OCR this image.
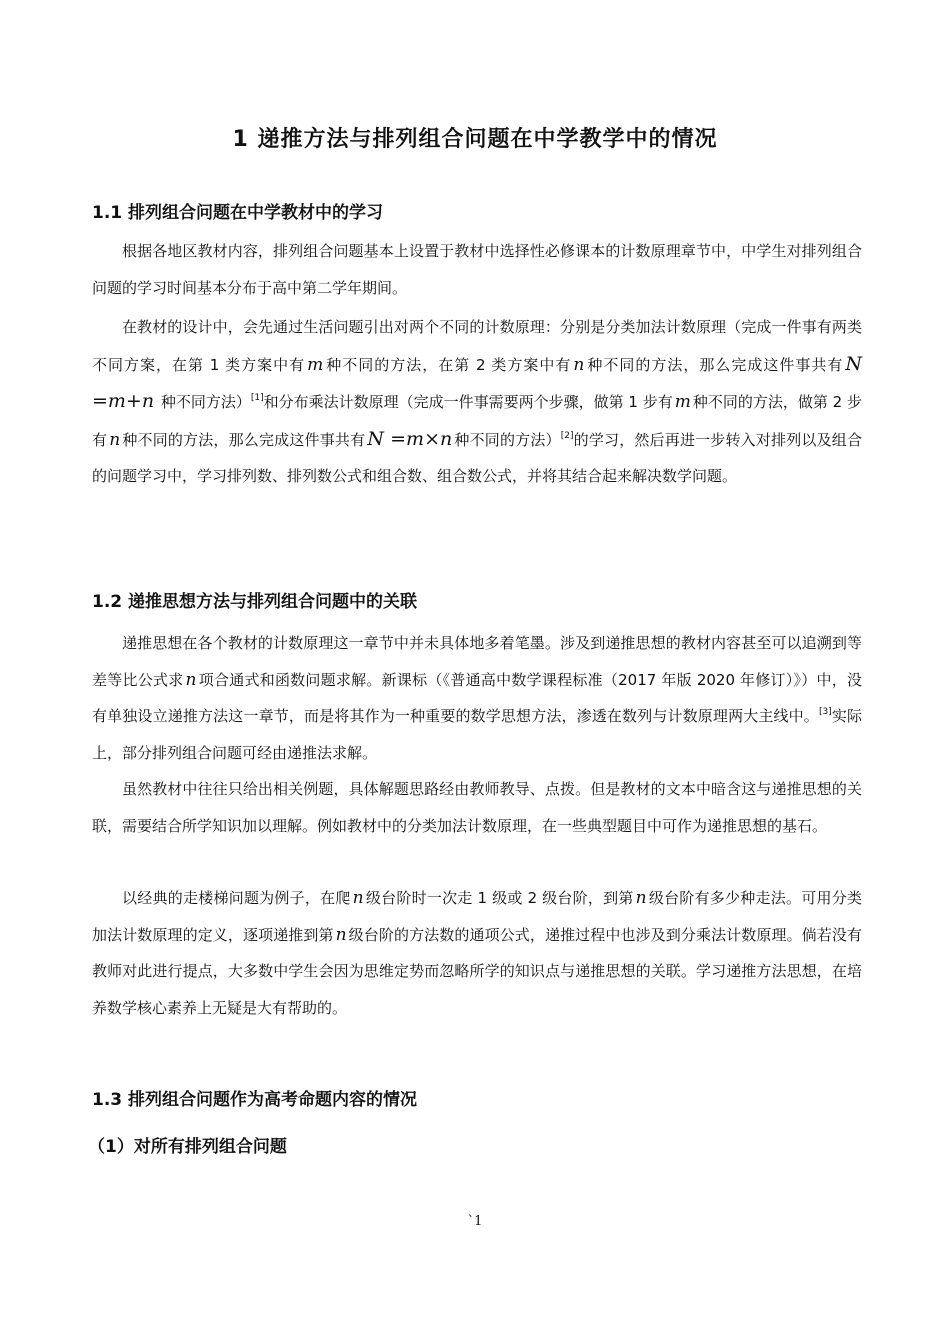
1 递推方法与排列组合问题在中学教学中的情况
1.1 排列组合问题在中学教材中的学习
根据各地区教材内容，排列组合问题基本上设置于教材中选择性必修课本的计数原理章节中，中学生对排列组合问题的学习时间基本分布于高中第二学年期间。
在教材的设计中，会先通过生活问题引出对两个不同的计数原理：分别是分类加法计数原理（完成一件事有两类不同方案，在第 1 类方案中有 m 种不同的方法，在第 2 类方案中有 n 种不同的方法，那么完成这件事共有 N =m+n 种不同方法）[1]和分布乘法计数原理（完成一件事需要两个步骤，做第 1 步有 m 种不同的方法，做第 2 步有 n 种不同的方法，那么完成这件事共有 N =m×n 种不同的方法）[2]的学习，然后再进一步转入对排列以及组合的问题学习中，学习排列数、排列数公式和组合数、组合数公式，并将其结合起来解决数学问题。
1.2 递推思想方法与排列组合问题中的关联
递推思想在各个教材的计数原理这一章节中并未具体地多着笔墨。涉及到递推思想的教材内容甚至可以追溯到等差等比公式求 n 项合通式和函数问题求解。新课标（《普通高中数学课程标准（2017 年版 2020 年修订）》）中，没有单独设立递推方法这一章节，而是将其作为一种重要的数学思想方法，渗透在数列与计数原理两大主线中。[3]实际上，部分排列组合问题可经由递推法求解。
虽然教材中往往只给出相关例题，具体解题思路经由教师教导、点拨。但是教材的文本中暗含这与递推思想的关联，需要结合所学知识加以理解。例如教材中的分类加法计数原理，在一些典型题目中可作为递推思想的基石。
以经典的走楼梯问题为例子，在爬 n 级台阶时一次走 1 级或 2 级台阶，到第 n 级台阶有多少种走法。可用分类加法计数原理的定义，逐项递推到第 n 级台阶的方法数的通项公式，递推过程中也涉及到分乘法计数原理。倘若没有教师对此进行提点，大多数中学生会因为思维定势而忽略所学的知识点与递推思想的关联。学习递推方法思想，在培养数学核心素养上无疑是大有帮助的。
1.3 排列组合问题作为高考命题内容的情况
（1）对所有排列组合问题
`1
